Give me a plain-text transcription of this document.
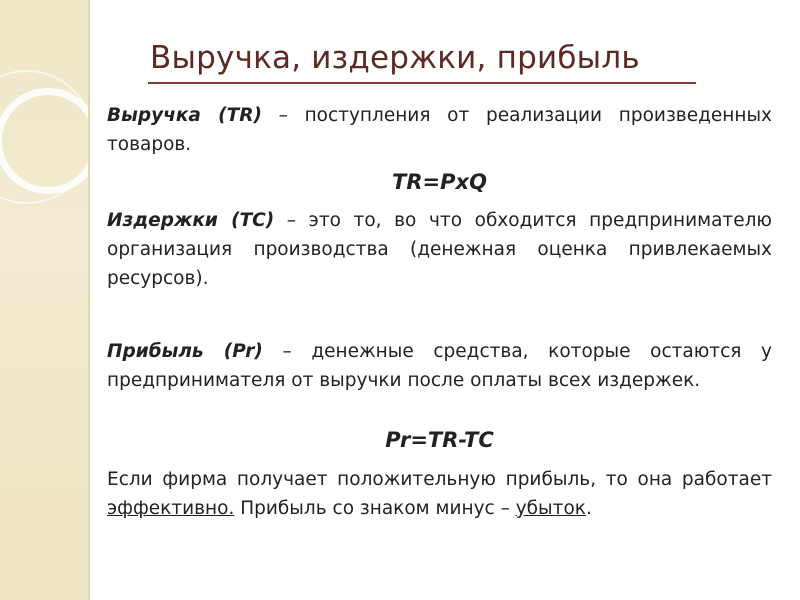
Выручка, издержки, прибыль
Выручка (TR) – поступления от реализации произведенных товаров.
TR=PxQ
Издержки (ТС) – это то, во что обходится предпринимателю организация производства (денежная оценка привлекаемых ресурсов).
Прибыль (Pr) – денежные средства, которые остаются у предпринимателя от выручки после оплаты всех издержек.
Pr=TR-TC
Если фирма получает положительную прибыль, то она работает эффективно. Прибыль со знаком минус – убыток.
